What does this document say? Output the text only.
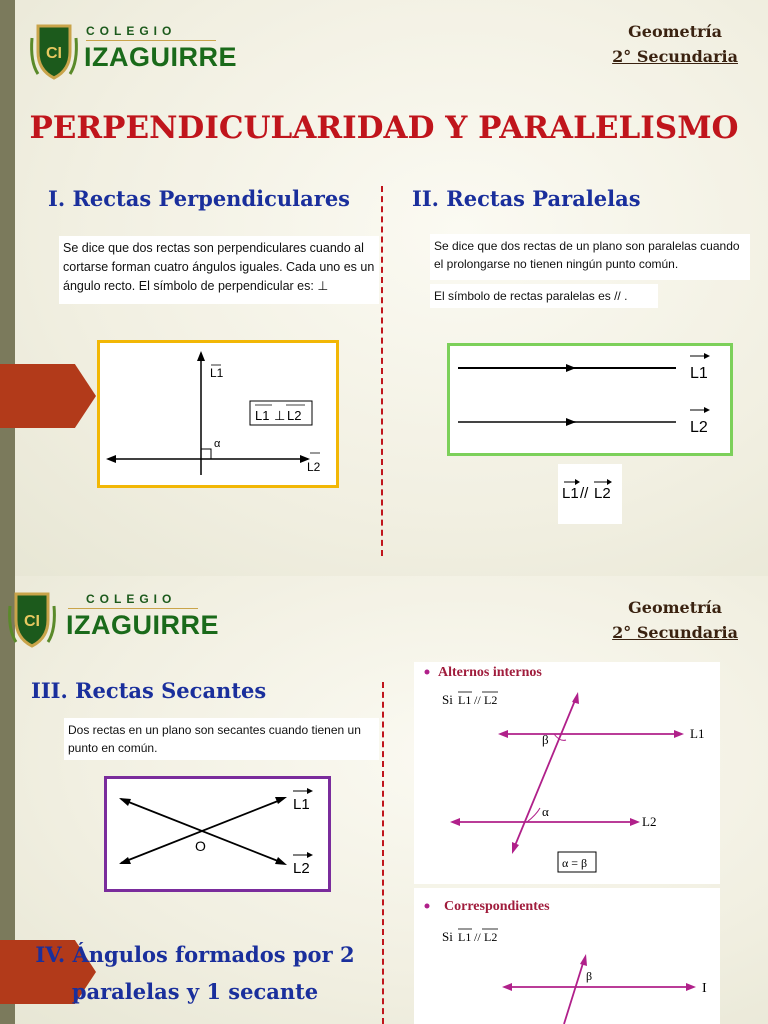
CI
COLEGIO
IZAGUIRRE
Geometría
2° Secundaria
PERPENDICULARIDAD Y PARALELISMO
I. Rectas Perpendiculares	II. Rectas Paralelas
Se dice que dos rectas son perpendiculares cuando al cortarse forman cuatro ángulos iguales. Cada uno es un ángulo recto. El símbolo de perpendicular es: ⊥
Se dice que dos rectas de un plano son paralelas cuando el prolongarse no tienen ningún punto común.
El símbolo de rectas paralelas es // .
L1
L2
α
L1 ⊥ L2
L1
L2
L1 // L2
CI
COLEGIO
IZAGUIRRE
Geometría
2° Secundaria
III. Rectas Secantes
Dos rectas en un plano son secantes cuando tienen un punto en común.
O
L1
L2
IV. Ángulos formados por 2
paralelas y 1 secante
Alternos internos
Si L1 // L2
β
α
L1
L2
α = β
Correspondientes
Si L1 // L2
β
I
